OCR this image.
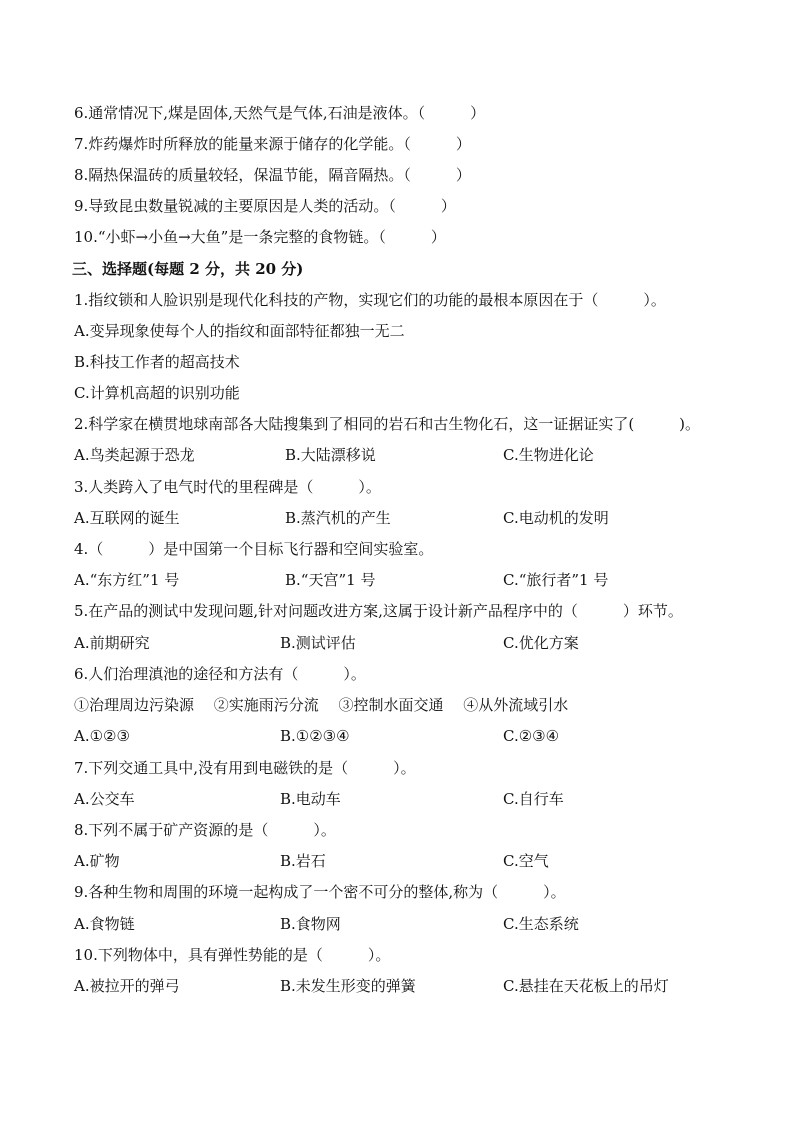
6.通常情况下,煤是固体,天然气是气体,石油是液体。（　　　）
7.炸药爆炸时所释放的能量来源于储存的化学能。（　　　）
8.隔热保温砖的质量较轻，保温节能，隔音隔热。（　　　）
9.导致昆虫数量锐减的主要原因是人类的活动。（　　　）
10.“小虾→小鱼→大鱼”是一条完整的食物链。（　　　）
三、选择题(每题 2 分，共 20 分)
1.指纹锁和人脸识别是现代化科技的产物，实现它们的功能的最根本原因在于（　　　）。
A.变异现象使每个人的指纹和面部特征都独一无二
B.科技工作者的超高技术
C.计算机高超的识别功能
2.科学家在横贯地球南部各大陆搜集到了相同的岩石和古生物化石，这一证据证实了(　　　)。
A.鸟类起源于恐龙	B.大陆漂移说	C.生物进化论
3.人类跨入了电气时代的里程碑是（　　　）。
A.互联网的诞生	B.蒸汽机的产生	C.电动机的发明
4.（　　　）是中国第一个目标飞行器和空间实验室。
A.“东方红”1 号	B.“天宫”1 号	C.“旅行者”1 号
5.在产品的测试中发现问题,针对问题改进方案,这属于设计新产品程序中的（　　　）环节。
A.前期研究	B.测试评估	C.优化方案
6.人们治理滇池的途径和方法有（　　　）。
①治理周边污染源　 ②实施雨污分流　 ③控制水面交通　 ④从外流域引水
A.①②③	B.①②③④	C.②③④
7.下列交通工具中,没有用到电磁铁的是（　　　）。
A.公交车	B.电动车	C.自行车
8.下列不属于矿产资源的是（　　　）。
A.矿物	B.岩石	C.空气
9.各种生物和周围的环境一起构成了一个密不可分的整体,称为（　　　）。
A.食物链	B.食物网	C.生态系统
10.下列物体中，具有弹性势能的是（　　　）。
A.被拉开的弹弓	B.未发生形变的弹簧	C.悬挂在天花板上的吊灯
